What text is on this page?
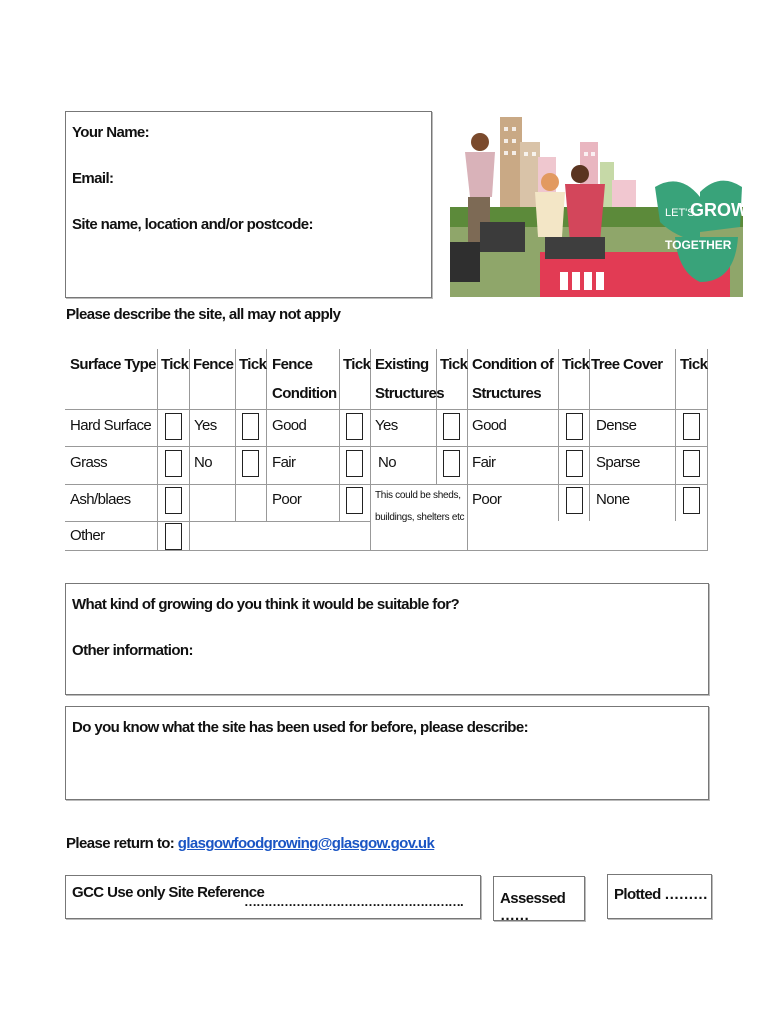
Your Name:
Email:
Site name, location and/or postcode:
LET'S
GROW
TOGETHER
Please describe the site, all may not apply
Surface Type Tick Fence Tick Fence
Condition
Tick Existing
Structures
Tick Condition of
Structures
Tick Tree Cover Tick
Hard Surface
Grass
Ash/blaes
Other
Yes
No
Good
Fair
Poor
Yes
No
This could be sheds, buildings, shelters etc
Good
Fair
Poor
Dense
Sparse
None
What kind of growing do you think it would be suitable for?
Other information:
Do you know what the site has been used for before, please describe:
Please return to: glasgowfoodgrowing@glasgow.gov.uk
GCC Use only Site Reference
………………………………………………. Assessed ……
Plotted ………
